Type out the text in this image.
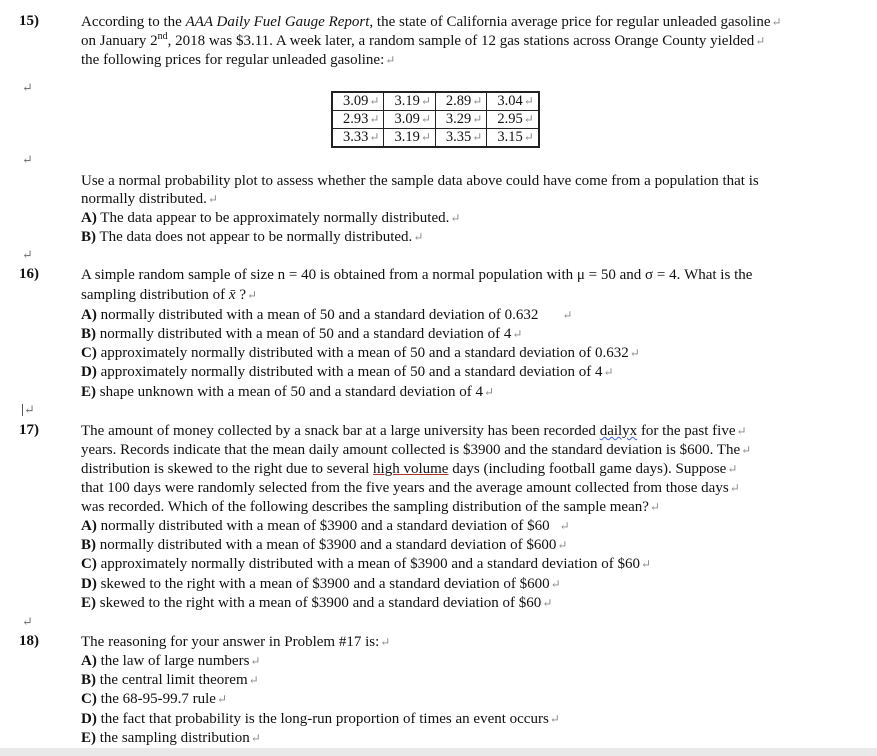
15)	According to the AAA Daily Fuel Gauge Report, the state of California average price for regular unleaded gasoline↵
on January 2nd, 2018 was $3.11. A week later, a random sample of 12 gas stations across Orange County yielded↵
the following prices for regular unleaded gasoline:↵
↵
3.09↵	3.19↵	2.89↵	3.04↵
2.93↵	3.09↵	3.29↵	2.95↵
3.33↵	3.19↵	3.35↵	3.15↵
↵
Use a normal probability plot to assess whether the sample data above could have come from a population that is
normally distributed.↵
A) The data appear to be approximately normally distributed.↵
B) The data does not appear to be normally distributed.↵
↵
16)	A simple random sample of size n = 40 is obtained from a normal population with μ = 50 and σ = 4. What is the
sampling distribution of x̄ ?↵
A) normally distributed with a mean of 50 and a standard deviation of 0.632 ↵
B) normally distributed with a mean of 50 and a standard deviation of 4↵
C) approximately normally distributed with a mean of 50 and a standard deviation of 0.632↵
D) approximately normally distributed with a mean of 50 and a standard deviation of 4↵
E) shape unknown with a mean of 50 and a standard deviation of 4↵
↵
17)	The amount of money collected by a snack bar at a large university has been recorded dailyx for the past five↵
years. Records indicate that the mean daily amount collected is $3900 and the standard deviation is $600. The↵
distribution is skewed to the right due to several high volume days (including football game days). Suppose↵
that 100 days were randomly selected from the five years and the average amount collected from those days↵
was recorded. Which of the following describes the sampling distribution of the sample mean?↵
A) normally distributed with a mean of $3900 and a standard deviation of $60 ↵
B) normally distributed with a mean of $3900 and a standard deviation of $600↵
C) approximately normally distributed with a mean of $3900 and a standard deviation of $60↵
D) skewed to the right with a mean of $3900 and a standard deviation of $600↵
E) skewed to the right with a mean of $3900 and a standard deviation of $60↵
↵
18)	The reasoning for your answer in Problem #17 is:↵
A) the law of large numbers↵
B) the central limit theorem↵
C) the 68-95-99.7 rule↵
D) the fact that probability is the long-run proportion of times an event occurs↵
E) the sampling distribution↵
